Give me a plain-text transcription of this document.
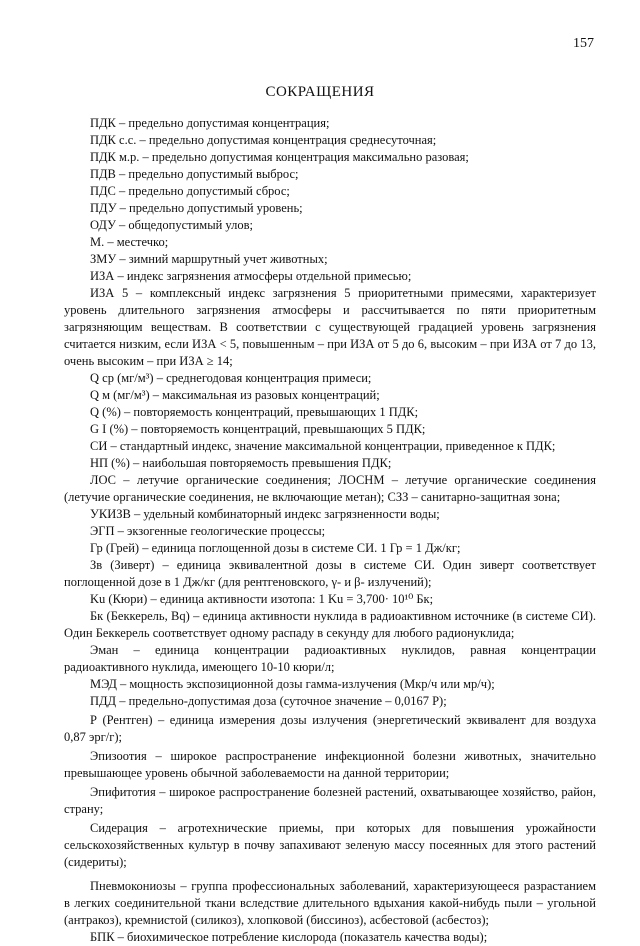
157
СОКРАЩЕНИЯ

ПДК – предельно допустимая концентрация;

ПДК с.с. – предельно допустимая концентрация среднесуточная;

ПДК м.р. – предельно допустимая концентрация максимально разовая;

ПДВ – предельно допустимый выброс;

ПДС – предельно допустимый сброс;

ПДУ – предельно допустимый уровень;

ОДУ – общедопустимый улов;

М. – местечко;

ЗМУ – зимний маршрутный учет животных;

ИЗА – индекс загрязнения атмосферы отдельной примесью;

ИЗА 5 – комплексный индекс загрязнения 5 приоритетными примесями, характеризует уровень длительного загрязнения атмосферы и рассчитывается по пяти приоритетным загрязняющим веществам. В соответствии с существующей градацией уровень загрязнения считается низким, если ИЗА < 5, повышенным – при ИЗА от 5 до 6, высоким – при ИЗА от 7 до 13, очень высоким – при ИЗА ≥ 14;

Q ср (мг/м³) – среднегодовая концентрация примеси;

Q м (мг/м³) – максимальная из разовых концентраций;

Q (%) – повторяемость концентраций, превышающих 1 ПДК;

G I (%) – повторяемость концентраций, превышающих 5 ПДК;

СИ – стандартный индекс, значение максимальной концентрации, приведенное к ПДК;

НП (%) – наибольшая повторяемость превышения ПДК;

ЛОС – летучие органические соединения; ЛОСНМ – летучие органические соединения (летучие органические соединения, не включающие метан); СЗЗ – санитарно-защитная зона;

УКИЗВ – удельный комбинаторный индекс загрязненности воды;

ЭГП – экзогенные геологические процессы;

Гр (Грей) – единица поглощенной дозы в системе СИ. 1 Гр = 1 Дж/кг;

Зв (Зиверт) – единица эквивалентной дозы в системе СИ. Один зиверт соответствует поглощенной дозе в 1 Дж/кг (для рентгеновского, γ- и β- излучений);

Ku (Кюри) – единица активности изотопа: 1 Ku = 3,700· 10¹⁰ Бк;

Бк (Беккерель, Bq) – единица активности нуклида в радиоактивном источнике (в системе СИ). Один Беккерель соответствует одному распаду в секунду для любого радионуклида;

Эман – единица концентрации радиоактивных нуклидов, равная концентрации радиоактивного нуклида, имеющего 10-10 кюри/л;

МЭД – мощность экспозиционной дозы гамма-излучения (Мкр/ч или мр/ч);

ПДД – предельно-допустимая доза (суточное значение – 0,0167 Р);

Р (Рентген) – единица измерения дозы излучения (энергетический эквивалент для воздуха 0,87 эрг/г);

Эпизоотия – широкое распространение инфекционной болезни животных, значительно превышающее уровень обычной заболеваемости на данной территории;

Эпифитотия – широкое распространение болезней растений, охватывающее хозяйство, район, страну;

Сидерация – агротехнические приемы, при которых для повышения урожайности сельскохозяйственных культур в почву запахивают зеленую массу посеянных для этого растений (сидериты);

Пневмокониозы – группа профессиональных заболеваний, характеризующееся разрастанием в легких соединительной ткани вследствие длительного вдыхания какой-нибудь пыли – угольной (антракоз), кремнистой (силикоз), хлопковой (биссиноз), асбестовой (асбестоз);

БПК – биохимическое потребление кислорода (показатель качества воды);
